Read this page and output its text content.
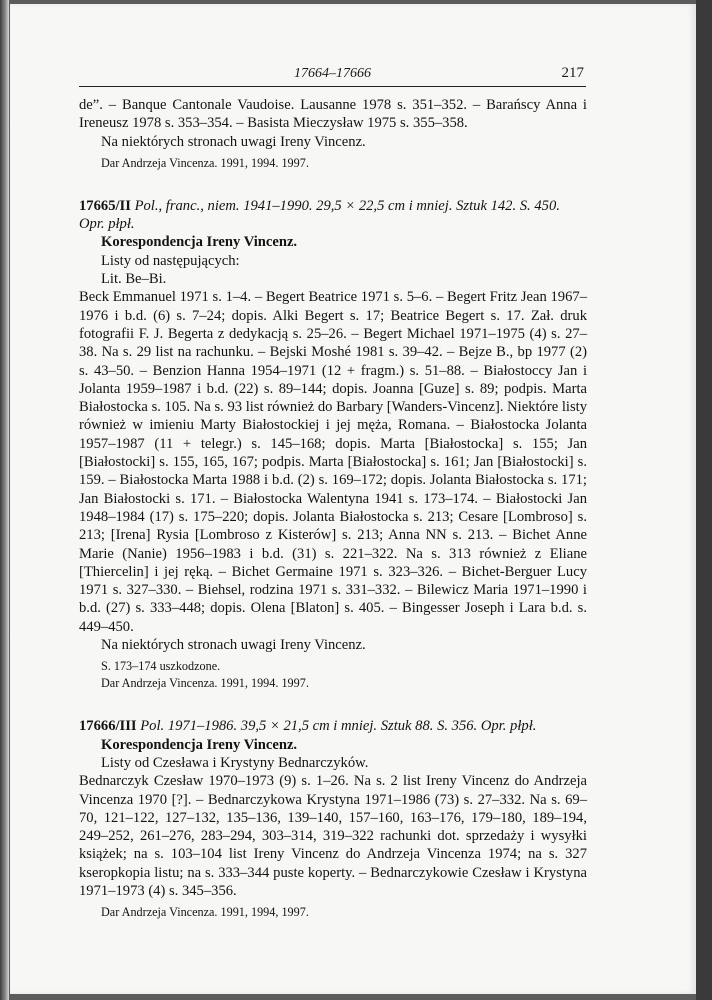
17664–17666	217

de”. – Banque Cantonale Vaudoise. Lausanne 1978 s. 351–352. – Barańscy Anna i Ireneusz 1978 s. 353–354. – Basista Mieczysław 1975 s. 355–358.

Na niektórych stronach uwagi Ireny Vincenz.

Dar Andrzeja Vincenza. 1991, 1994. 1997.

17665/II Pol., franc., niem. 1941–1990. 29,5 × 22,5 cm i mniej. Sztuk 142. S. 450. Opr. płpł.

Korespondencja Ireny Vincenz.

Listy od następujących:

Lit. Be–Bi.

Beck Emmanuel 1971 s. 1–4. – Begert Beatrice 1971 s. 5–6. – Begert Fritz Jean 1967–1976 i b.d. (6) s. 7–24; dopis. Alki Begert s. 17; Beatrice Begert s. 17. Zał. druk fotografii F. J. Begerta z dedykacją s. 25–26. – Begert Michael 1971–1975 (4) s. 27–38. Na s. 29 list na rachunku. – Bejski Moshé 1981 s. 39–42. – Bejze B., bp 1977 (2) s. 43–50. – Benzion Hanna 1954–1971 (12 + fragm.) s. 51–88. – Białostoccy Jan i Jolanta 1959–1987 i b.d. (22) s. 89–144; dopis. Joanna [Guze] s. 89; podpis. Marta Białostocka s. 105. Na s. 93 list również do Barbary [Wanders-Vincenz]. Niektóre listy również w imieniu Marty Białostockiej i jej męża, Romana. – Białostocka Jolanta 1957–1987 (11 + telegr.) s. 145–168; dopis. Marta [Białostocka] s. 155; Jan [Białostocki] s. 155, 165, 167; podpis. Marta [Białostocka] s. 161; Jan [Białostocki] s. 159. – Białostocka Marta 1988 i b.d. (2) s. 169–172; dopis. Jolanta Białostocka s. 171; Jan Białostocki s. 171. – Białostocka Walentyna 1941 s. 173–174. – Białostocki Jan 1948–1984 (17) s. 175–220; dopis. Jolanta Białostocka s. 213; Cesare [Lombroso] s. 213; [Irena] Rysia [Lombroso z Kisterów] s. 213; Anna NN s. 213. – Bichet Anne Marie (Nanie) 1956–1983 i b.d. (31) s. 221–322. Na s. 313 również z Eliane [Thiercelin] i jej ręką. – Bichet Germaine 1971 s. 323–326. – Bichet-Berguer Lucy 1971 s. 327–330. – Biehsel, rodzina 1971 s. 331–332. – Bilewicz Maria 1971–1990 i b.d. (27) s. 333–448; dopis. Olena [Blaton] s. 405. – Bingesser Joseph i Lara b.d. s. 449–450.

Na niektórych stronach uwagi Ireny Vincenz.

S. 173–174 uszkodzone.

Dar Andrzeja Vincenza. 1991, 1994. 1997.

17666/III Pol. 1971–1986. 39,5 × 21,5 cm i mniej. Sztuk 88. S. 356. Opr. płpł.

Korespondencja Ireny Vincenz.

Listy od Czesława i Krystyny Bednarczyków.

Bednarczyk Czesław 1970–1973 (9) s. 1–26. Na s. 2 list Ireny Vincenz do Andrzeja Vincenza 1970 [?]. – Bednarczykowa Krystyna 1971–1986 (73) s. 27–332. Na s. 69–70, 121–122, 127–132, 135–136, 139–140, 157–160, 163–176, 179–180, 189–194, 249–252, 261–276, 283–294, 303–314, 319–322 rachunki dot. sprzedaży i wysyłki książek; na s. 103–104 list Ireny Vincenz do Andrzeja Vincenza 1974; na s. 327 kseropkopia listu; na s. 333–344 puste koperty. – Bednarczykowie Czesław i Krystyna 1971–1973 (4) s. 345–356.

Dar Andrzeja Vincenza. 1991, 1994, 1997.
